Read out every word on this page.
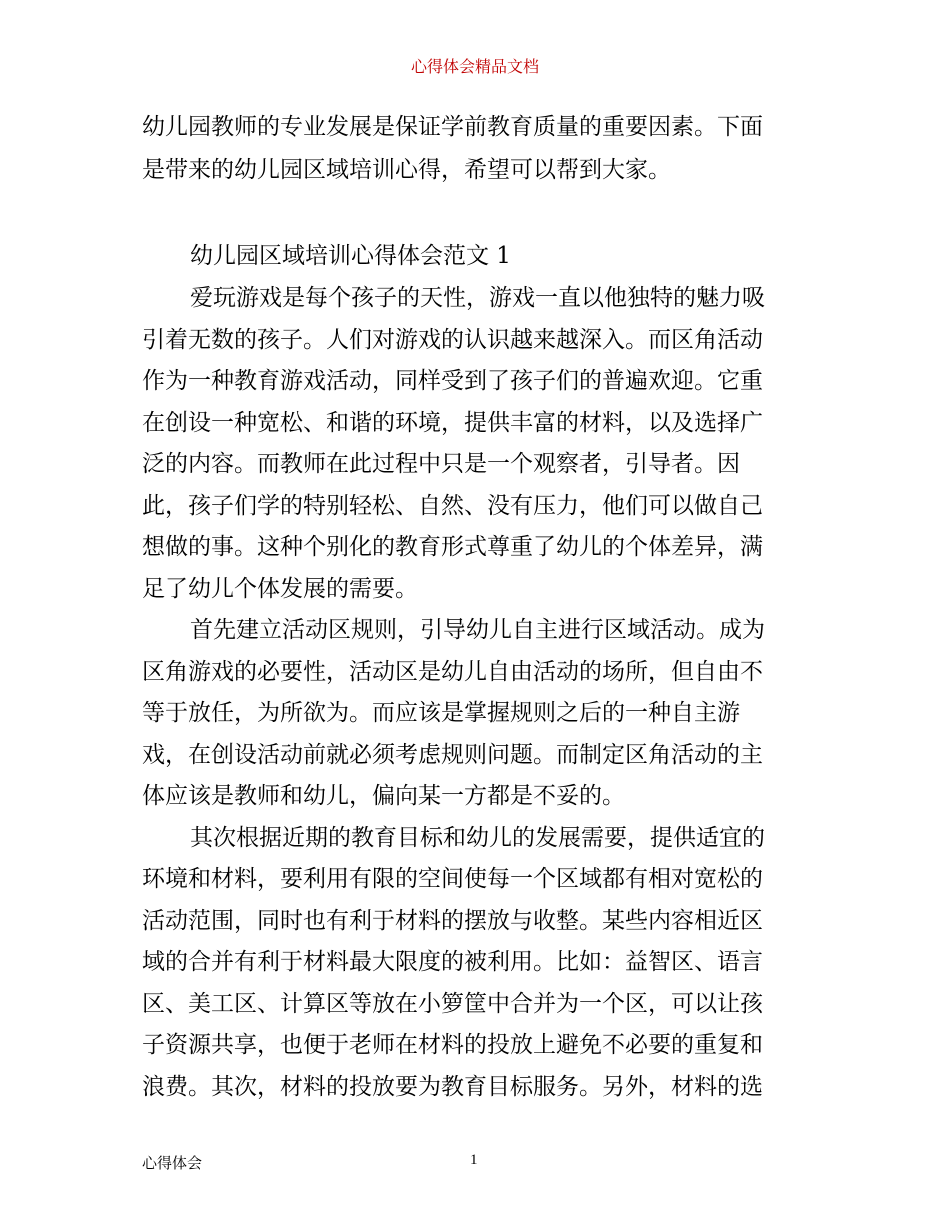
心得体会精品文档
幼儿园教师的专业发展是保证学前教育质量的重要因素。下面
是带来的幼儿园区域培训心得，希望可以帮到大家。
幼儿园区域培训心得体会范文 1
爱玩游戏是每个孩子的天性，游戏一直以他独特的魅力吸
引着无数的孩子。人们对游戏的认识越来越深入。而区角活动
作为一种教育游戏活动，同样受到了孩子们的普遍欢迎。它重
在创设一种宽松、和谐的环境，提供丰富的材料，以及选择广
泛的内容。而教师在此过程中只是一个观察者，引导者。因
此，孩子们学的特别轻松、自然、没有压力，他们可以做自己
想做的事。这种个别化的教育形式尊重了幼儿的个体差异，满
足了幼儿个体发展的需要。
首先建立活动区规则，引导幼儿自主进行区域活动。成为
区角游戏的必要性，活动区是幼儿自由活动的场所，但自由不
等于放任，为所欲为。而应该是掌握规则之后的一种自主游
戏，在创设活动前就必须考虑规则问题。而制定区角活动的主
体应该是教师和幼儿，偏向某一方都是不妥的。
其次根据近期的教育目标和幼儿的发展需要，提供适宜的
环境和材料，要利用有限的空间使每一个区域都有相对宽松的
活动范围，同时也有利于材料的摆放与收整。某些内容相近区
域的合并有利于材料最大限度的被利用。比如：益智区、语言
区、美工区、计算区等放在小箩筐中合并为一个区，可以让孩
子资源共享，也便于老师在材料的投放上避免不必要的重复和
浪费。其次，材料的投放要为教育目标服务。另外，材料的选
心得体会	1
